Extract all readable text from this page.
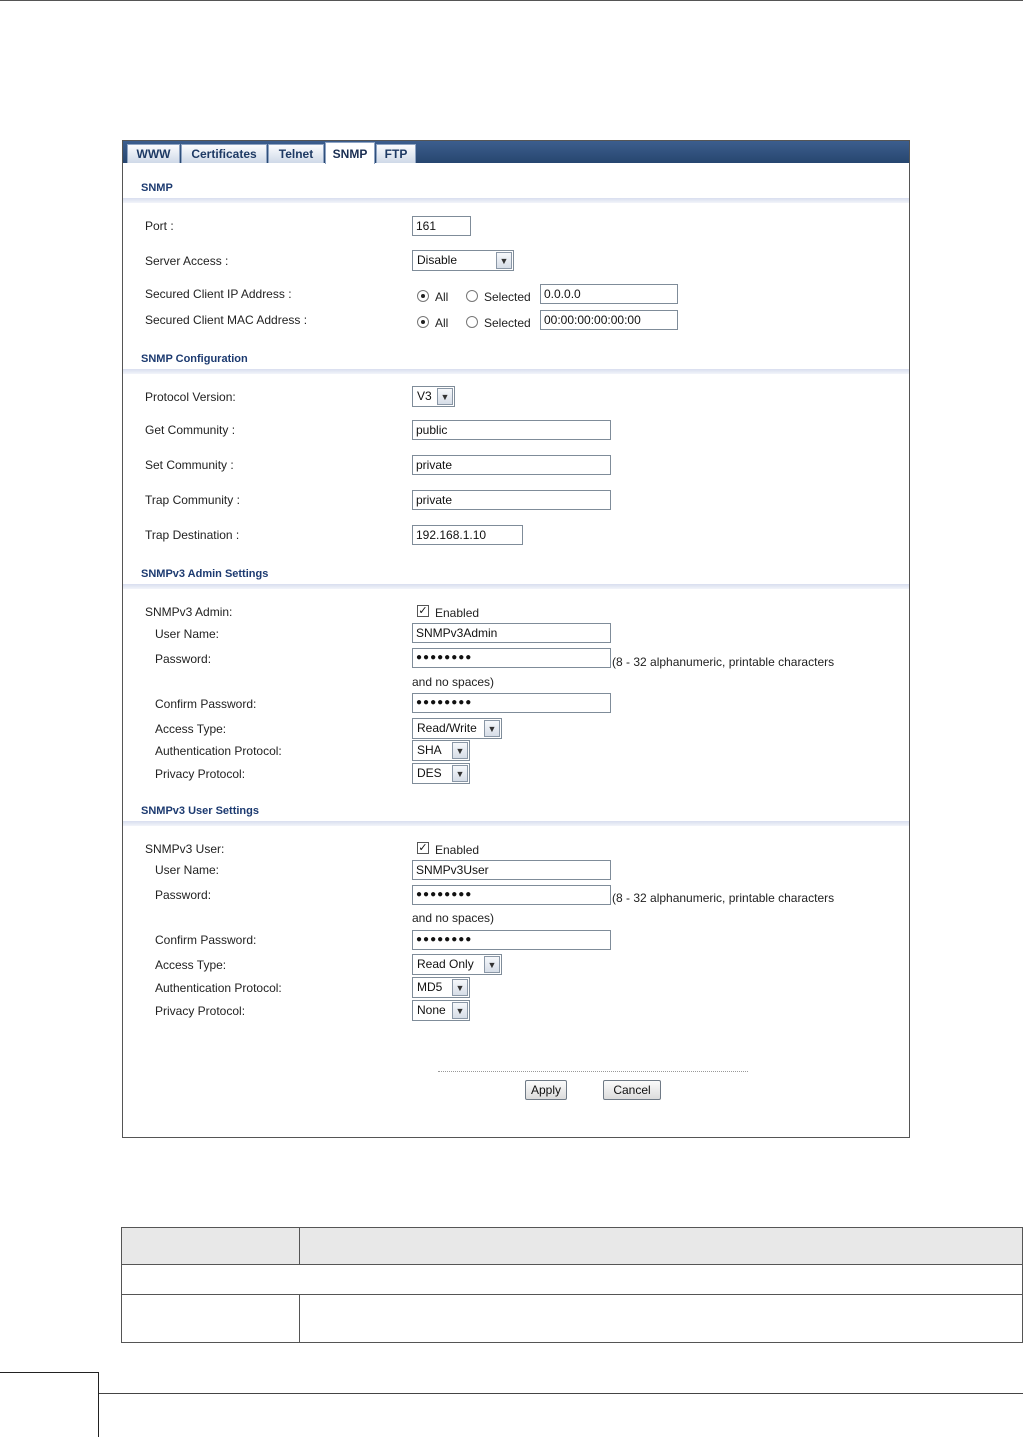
WWW	Certificates	Telnet	SNMP	FTP
SNMP
Port :	161
Server Access :	Disable	▼
Secured Client IP Address :	All	Selected	0.0.0.0
Secured Client MAC Address :	All	Selected	00:00:00:00:00:00
SNMP Configuration
Protocol Version:	V3 ▼
Get Community :	public
Set Community :	private
Trap Community :	private
Trap Destination :	192.168.1.10
SNMPv3 Admin Settings
SNMPv3 Admin:	✓ Enabled
User Name:	SNMPv3Admin
Password:	●●●●●●●●	(8 - 32 alphanumeric, printable characters
and no spaces)
Confirm Password:	●●●●●●●●
Access Type:	Read/Write	▼
Authentication Protocol:	SHA	▼
Privacy Protocol:	DES	▼
SNMPv3 User Settings
SNMPv3 User:	✓ Enabled
User Name:	SNMPv3User
Password:	●●●●●●●●	(8 - 32 alphanumeric, printable characters
and no spaces)
Confirm Password:	●●●●●●●●
Access Type:	Read Only	▼
Authentication Protocol:	MD5	▼
Privacy Protocol:	None	▼
Apply	Cancel
